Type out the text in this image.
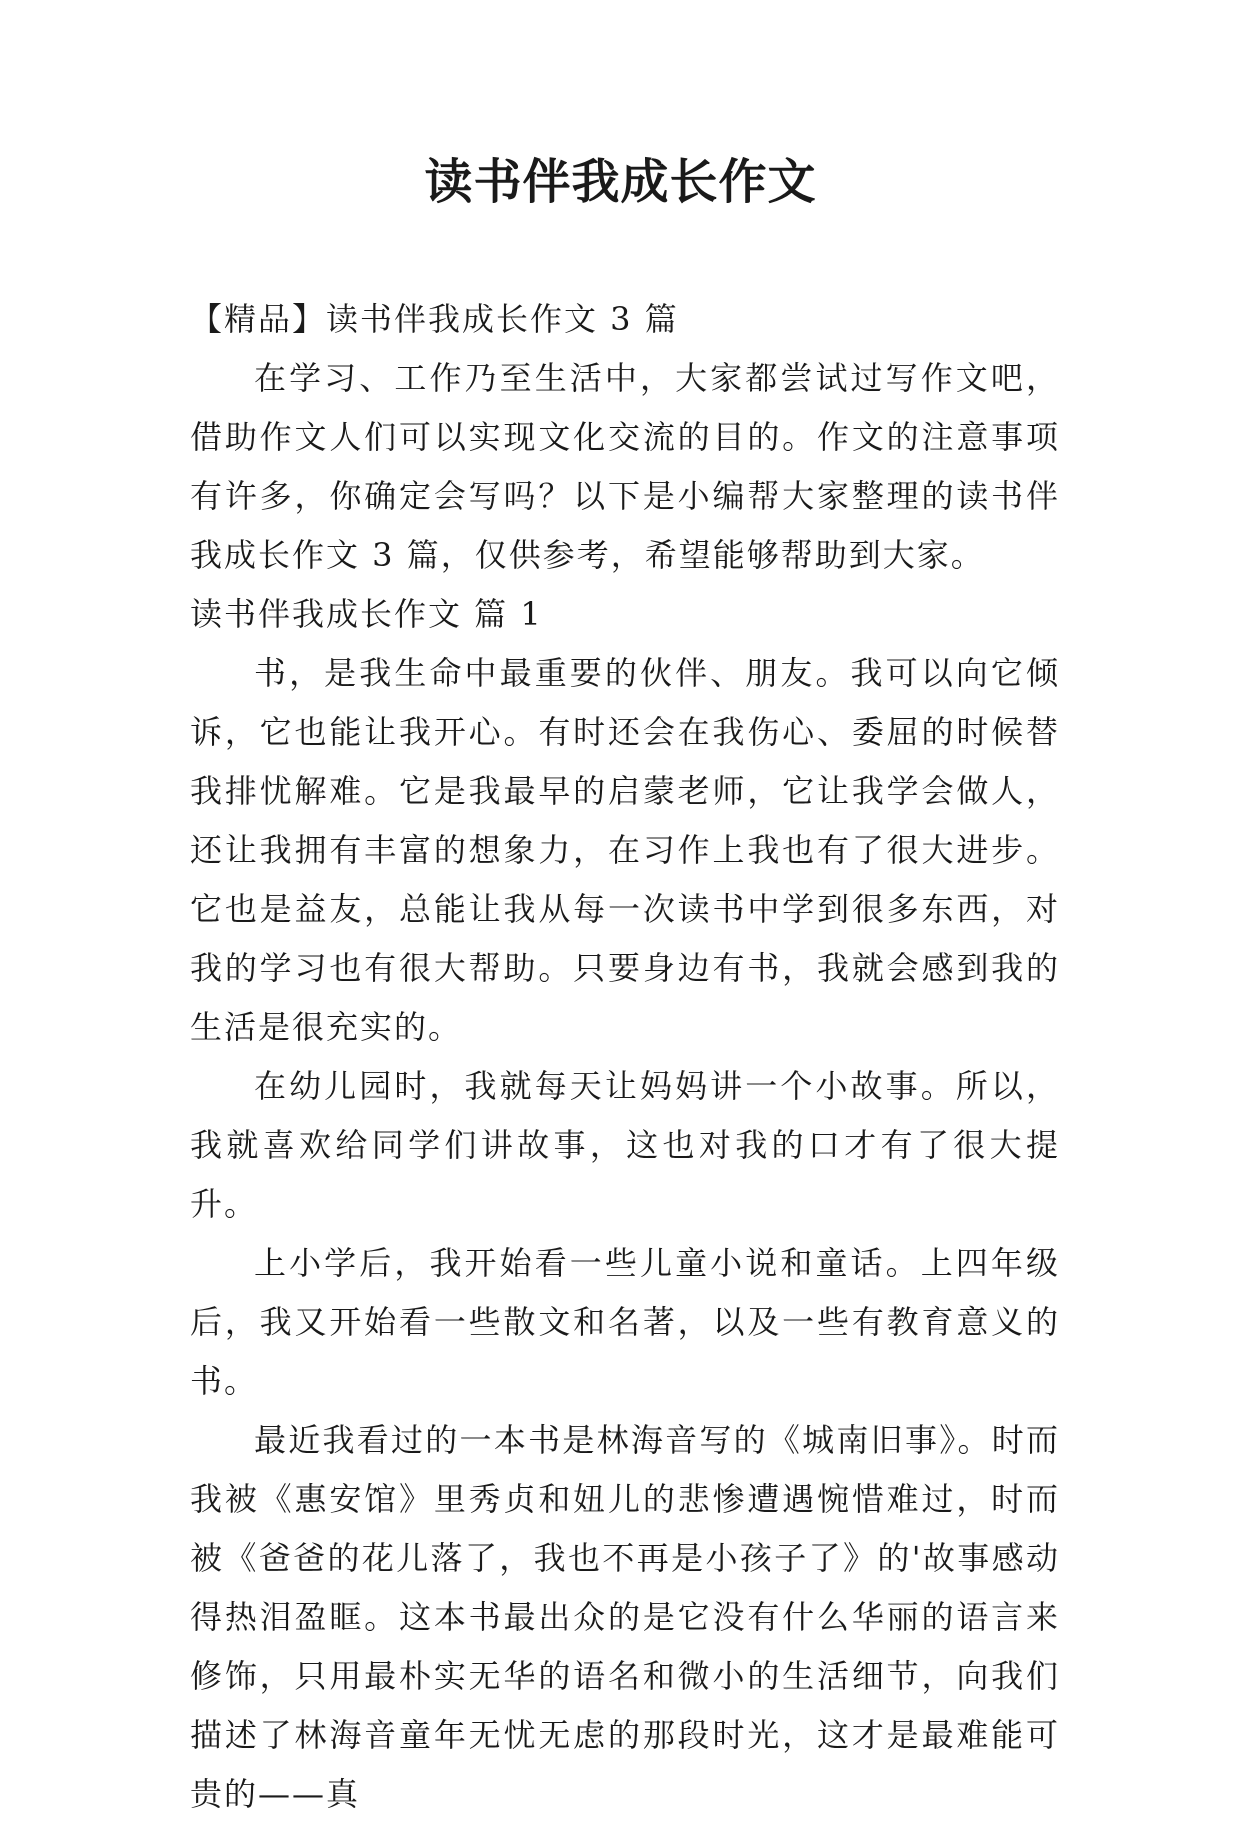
读书伴我成长作文

【精品】读书伴我成长作文 3 篇

在学习、工作乃至生活中，大家都尝试过写作文吧，借助作文人们可以实现文化交流的目的。作文的注意事项有许多，你确定会写吗？以下是小编帮大家整理的读书伴我成长作文 3 篇，仅供参考，希望能够帮助到大家。

读书伴我成长作文 篇 1

书，是我生命中最重要的伙伴、朋友。我可以向它倾诉，它也能让我开心。有时还会在我伤心、委屈的时候替我排忧解难。它是我最早的启蒙老师，它让我学会做人，还让我拥有丰富的想象力，在习作上我也有了很大进步。它也是益友，总能让我从每一次读书中学到很多东西，对我的学习也有很大帮助。只要身边有书，我就会感到我的生活是很充实的。

在幼儿园时，我就每天让妈妈讲一个小故事。所以，我就喜欢给同学们讲故事，这也对我的口才有了很大提升。

上小学后，我开始看一些儿童小说和童话。上四年级后，我又开始看一些散文和名著，以及一些有教育意义的书。

最近我看过的一本书是林海音写的《城南旧事》。时而我被《惠安馆》里秀贞和妞儿的悲惨遭遇惋惜难过，时而被《爸爸的花儿落了，我也不再是小孩子了》的'故事感动得热泪盈眶。这本书最出众的是它没有什么华丽的语言来修饰，只用最朴实无华的语名和微小的生活细节，向我们描述了林海音童年无忧无虑的那段时光，这才是最难能可贵的——真
